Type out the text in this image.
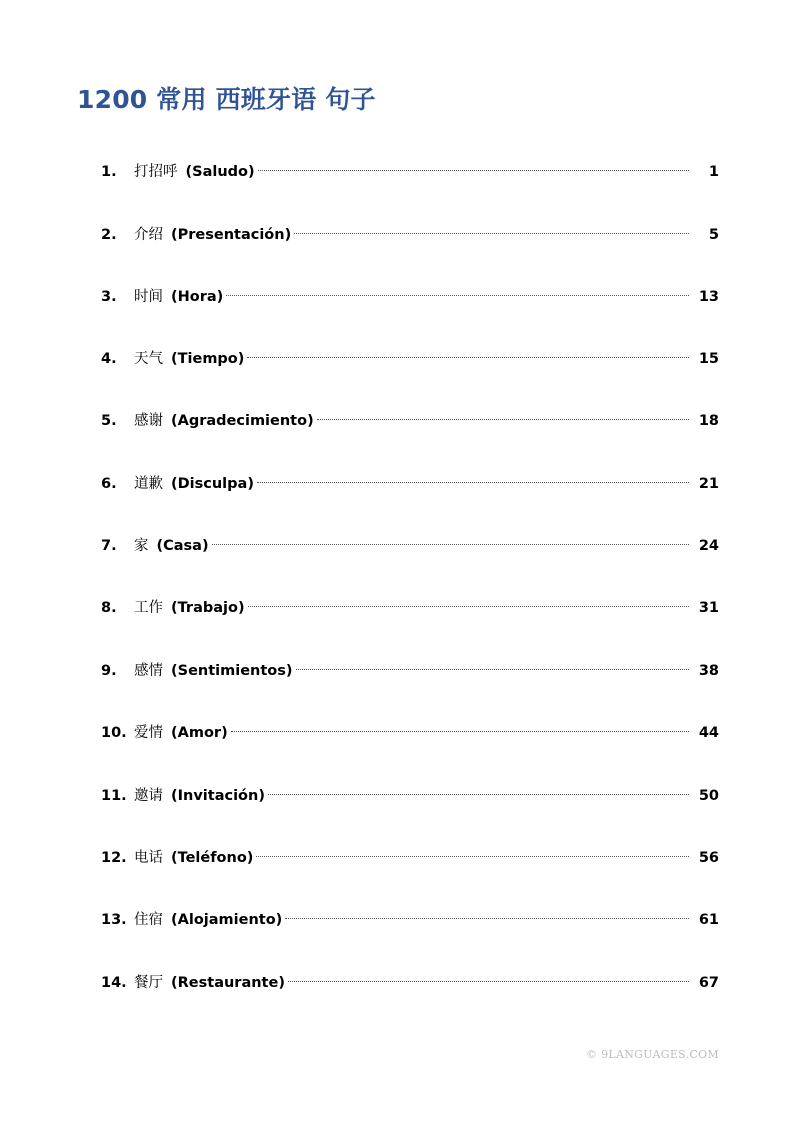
1200 常用 西班牙语 句子
1.	打招呼 (Saludo)	1
2.	介绍 (Presentación)	5
3.	时间 (Hora)	13
4.	天气 (Tiempo)	15
5.	感谢 (Agradecimiento)	18
6.	道歉 (Disculpa)	21
7.	家 (Casa)	24
8.	工作 (Trabajo)	31
9.	感情 (Sentimientos)	38
10. 爱情 (Amor)	44
11. 邀请 (Invitación)	50
12. 电话 (Teléfono)	56
13. 住宿 (Alojamiento)	61
14. 餐厅 (Restaurante)	67
© 9LANGUAGES.COM
